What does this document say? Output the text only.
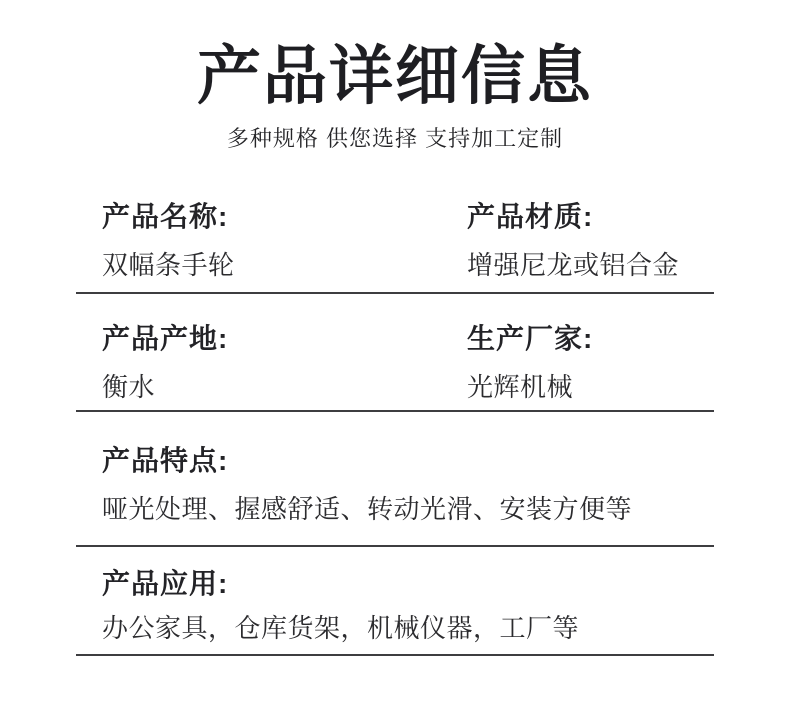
产品详细信息
多种规格 供您选择 支持加工定制
产品名称:
双幅条手轮
产品材质:
增强尼龙或铝合金
产品产地:
衡水
生产厂家:
光辉机械
产品特点:
哑光处理、握感舒适、转动光滑、安装方便等
产品应用:
办公家具，仓库货架，机械仪器，工厂等
